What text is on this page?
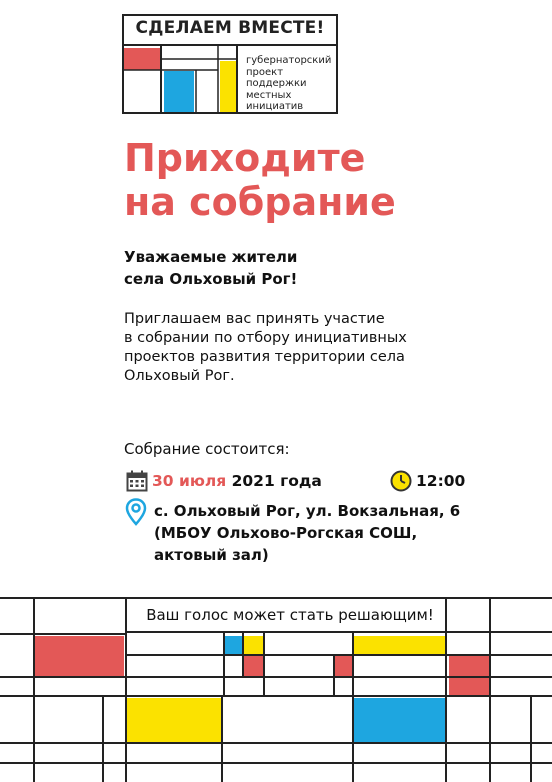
СДЕЛАЕМ ВМЕСТЕ!
губернаторский
проект
поддержки
местных
инициатив
Приходите
на собрание
Уважаемые жители
села Ольховый Рог!
Приглашаем вас принять участие
в собрании по отбору инициативных
проектов развития территории села
Ольховый Рог.
Собрание состоится:
30 июля 2021 года	12:00
с. Ольховый Рог, ул. Вокзальная, 6
(МБОУ Ольхово-Рогская СОШ,
актовый зал)
Ваш голос может стать решающим!
